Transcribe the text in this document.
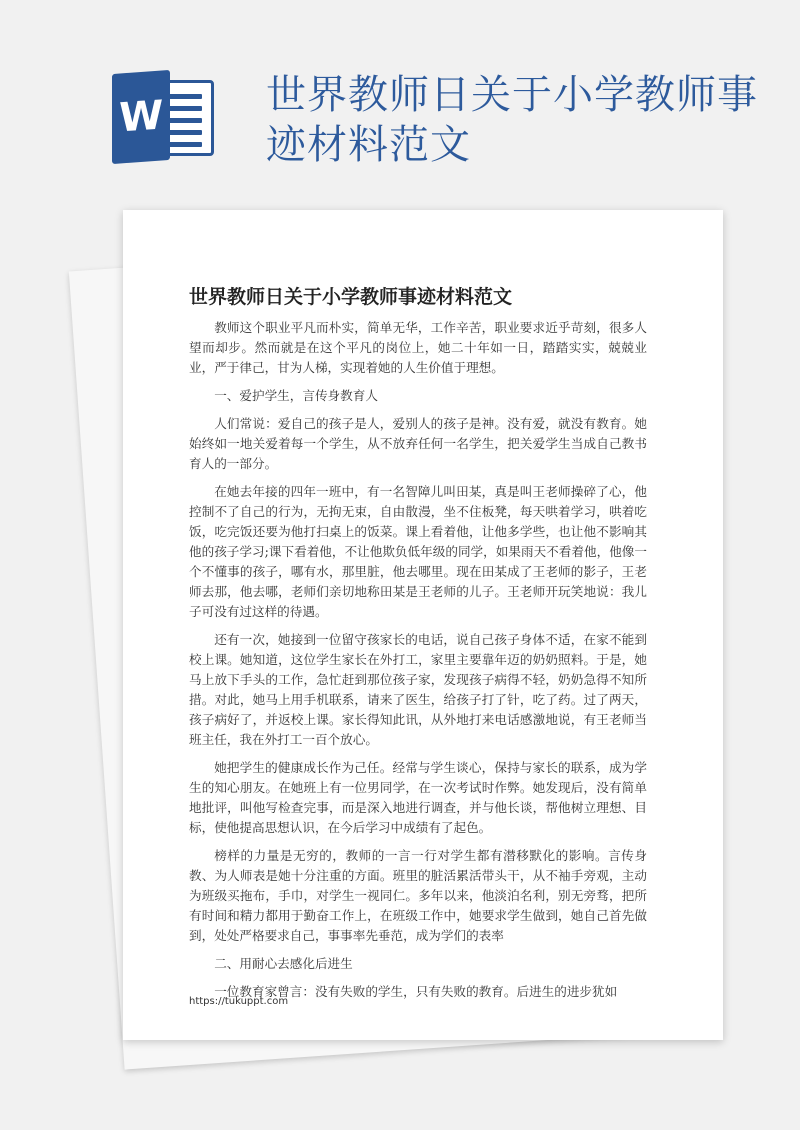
W	世界教师日关于小学教师事迹材料范文
世界教师日关于小学教师事迹材料范文

教师这个职业平凡而朴实，简单无华，工作辛苦，职业要求近乎苛刻，很多人望而却步。然而就是在这个平凡的岗位上，她二十年如一日，踏踏实实，兢兢业业，严于律己，甘为人梯，实现着她的人生价值于理想。

一、爱护学生，言传身教育人

人们常说：爱自己的孩子是人，爱别人的孩子是神。没有爱，就没有教育。她始终如一地关爱着每一个学生，从不放弃任何一名学生，把关爱学生当成自己教书育人的一部分。

在她去年接的四年一班中，有一名智障儿叫田某，真是叫王老师操碎了心，他控制不了自己的行为，无拘无束，自由散漫，坐不住板凳，每天哄着学习，哄着吃饭，吃完饭还要为他打扫桌上的饭菜。课上看着他，让他多学些，也让他不影响其他的孩子学习;课下看着他，不让他欺负低年级的同学，如果雨天不看着他，他像一个不懂事的孩子，哪有水，那里脏，他去哪里。现在田某成了王老师的影子，王老师去那，他去哪，老师们亲切地称田某是王老师的儿子。王老师开玩笑地说：我儿子可没有过这样的待遇。

还有一次，她接到一位留守孩家长的电话，说自己孩子身体不适，在家不能到校上课。她知道，这位学生家长在外打工，家里主要靠年迈的奶奶照料。于是，她马上放下手头的工作，急忙赶到那位孩子家，发现孩子病得不轻，奶奶急得不知所措。对此，她马上用手机联系，请来了医生，给孩子打了针，吃了药。过了两天，孩子病好了，并返校上课。家长得知此讯，从外地打来电话感激地说，有王老师当班主任，我在外打工一百个放心。

她把学生的健康成长作为己任。经常与学生谈心，保持与家长的联系，成为学生的知心朋友。在她班上有一位男同学，在一次考试时作弊。她发现后，没有简单地批评，叫他写检查完事，而是深入地进行调查，并与他长谈，帮他树立理想、目标，使他提高思想认识，在今后学习中成绩有了起色。

榜样的力量是无穷的，教师的一言一行对学生都有潜移默化的影响。言传身教、为人师表是她十分注重的方面。班里的脏活累活带头干，从不袖手旁观，主动为班级买拖布，手巾，对学生一视同仁。多年以来，他淡泊名利，别无旁骛，把所有时间和精力都用于勤奋工作上，在班级工作中，她要求学生做到，她自己首先做到，处处严格要求自己，事事率先垂范，成为学们的表率

二、用耐心去感化后进生

一位教育家曾言：没有失败的学生，只有失败的教育。后进生的进步犹如

https://tukuppt.com
